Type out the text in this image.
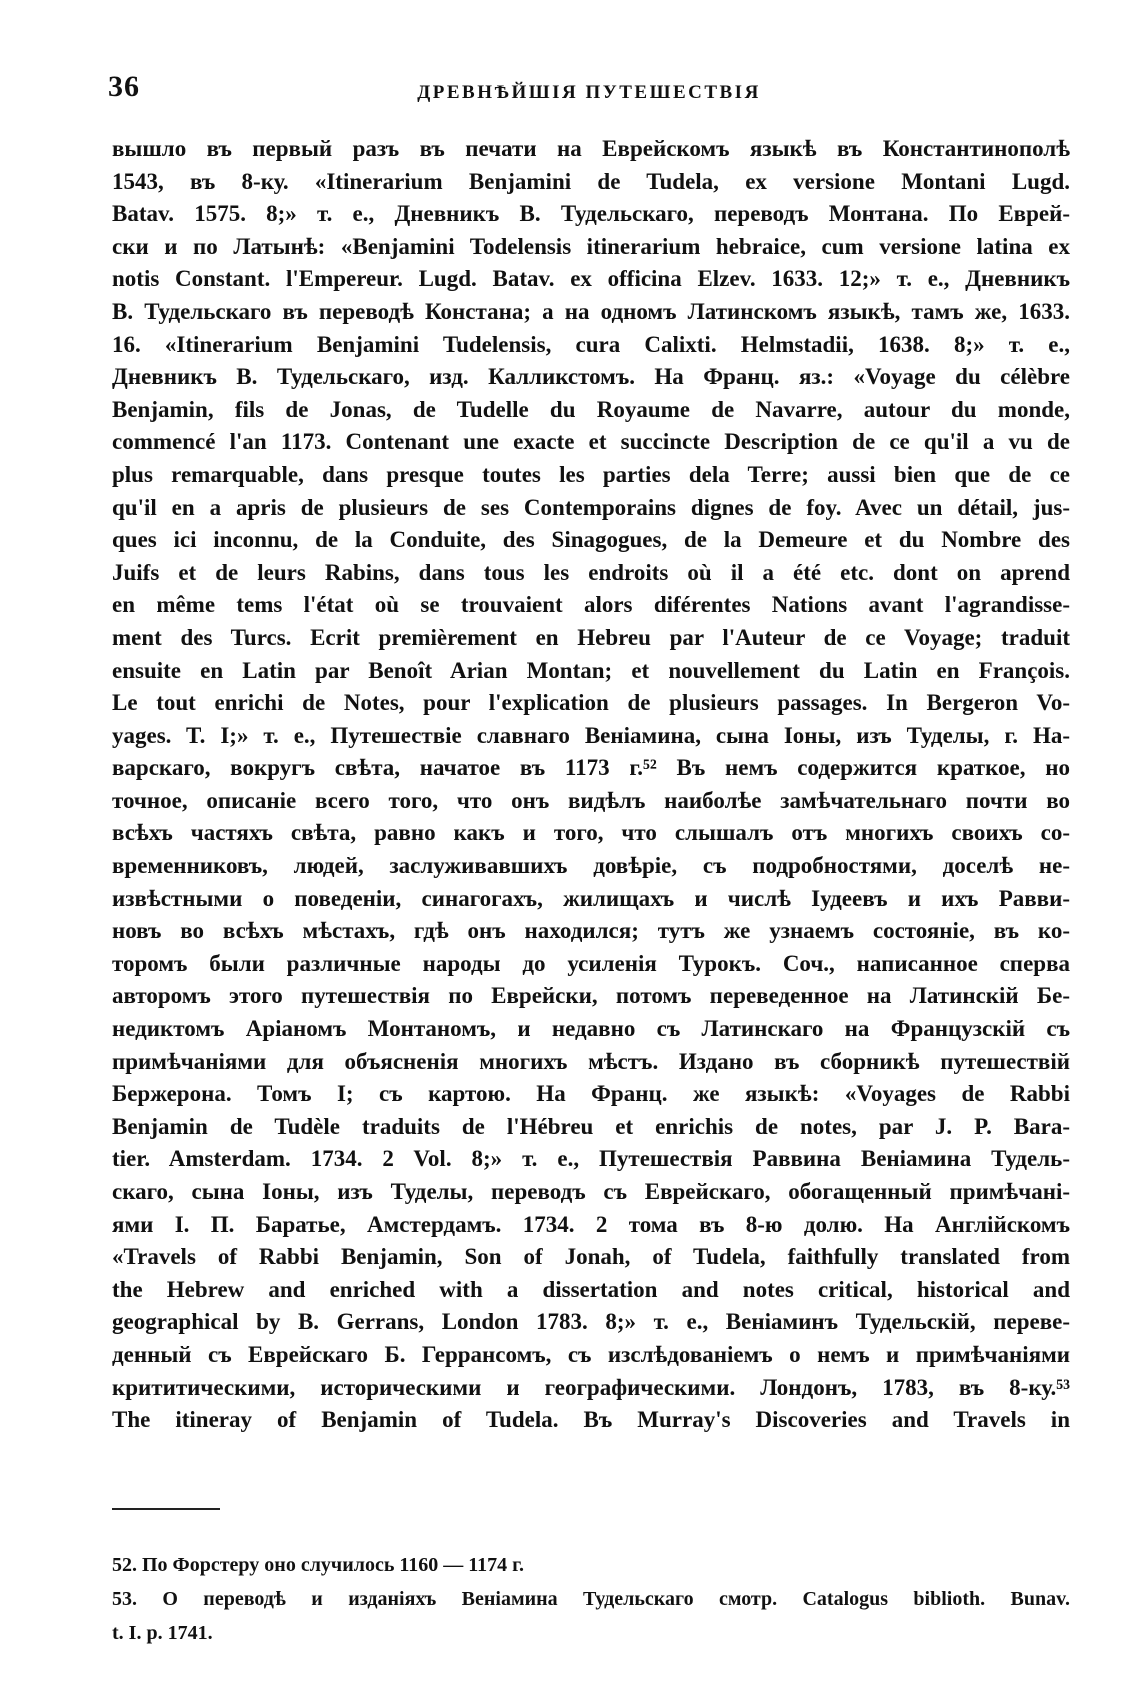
36	ДРЕВНѢЙШІЯ ПУТЕШЕСТВІЯ
вышло въ первый разъ въ печати на Еврейскомъ языкѣ въ Константинополѣ
1543, въ 8-ку. «Itinerarium Benjamini de Tudela, ex versione Montani Lugd.
Batav. 1575. 8;» т. е., Дневникъ В. Тудельскаго, переводъ Монтана. По Еврей-
ски и по Латынѣ: «Benjamini Todelensis itinerarium hebraice, cum versione latina ex
notis Constant. l'Empereur. Lugd. Batav. ex officina Elzev. 1633. 12;» т. е., Дневникъ
В. Тудельскаго въ переводѣ Констана; а на одномъ Латинскомъ языкѣ, тамъ же, 1633.
16. «Itinerarium Benjamini Tudelensis, cura Calixti. Helmstadii, 1638. 8;» т. е.,
Дневникъ В. Тудельскаго, изд. Калликстомъ. На Франц. яз.: «Voyage du célèbre
Benjamin, fils de Jonas, de Tudelle du Royaume de Navarre, autour du monde,
commencé l'an 1173. Contenant une exacte et succincte Description de ce qu'il a vu de
plus remarquable, dans presque toutes les parties dela Terre; aussi bien que de ce
qu'il en a apris de plusieurs de ses Contemporains dignes de foy. Avec un détail, jus-
ques ici inconnu, de la Conduite, des Sinagogues, de la Demeure et du Nombre des
Juifs et de leurs Rabins, dans tous les endroits où il a été etc. dont on aprend
en même tems l'état où se trouvaient alors diférentes Nations avant l'agrandisse-
ment des Turcs. Ecrit premièrement en Hebreu par l'Auteur de ce Voyage; traduit
ensuite en Latin par Benoît Arian Montan; et nouvellement du Latin en François.
Le tout enrichi de Notes, pour l'explication de plusieurs passages. In Bergeron Vo-
yages. T. I;» т. е., Путешествіе славнаго Веніамина, сына Іоны, изъ Туделы, г. На-
варскаго, вокругъ свѣта, начатое въ 1173 г.⁵² Въ немъ содержится краткое, но
точное, описаніе всего того, что онъ видѣлъ наиболѣе замѣчательнаго почти во
всѣхъ частяхъ свѣта, равно какъ и того, что слышалъ отъ многихъ своихъ со-
временниковъ, людей, заслуживавшихъ довѣріе, съ подробностями, доселѣ не-
извѣстными о поведеніи, синагогахъ, жилищахъ и числѣ Іудеевъ и ихъ Равви-
новъ во всѣхъ мѣстахъ, гдѣ онъ находился; тутъ же узнаемъ состояніе, въ ко-
торомъ были различные народы до усиленія Турокъ. Соч., написанное сперва
авторомъ этого путешествія по Еврейски, потомъ переведенное на Латинскій Бе-
недиктомъ Аріаномъ Монтаномъ, и недавно съ Латинскаго на Французскій съ
примѣчаніями для объясненія многихъ мѣстъ. Издано въ сборникѣ путешествій
Бержерона. Томъ I; съ картою. На Франц. же языкѣ: «Voyages de Rabbi
Benjamin de Tudèle traduits de l'Hébreu et enrichis de notes, par J. P. Bara-
tier. Amsterdam. 1734. 2 Vol. 8;» т. е., Путешествія Раввина Веніамина Тудель-
скаго, сына Іоны, изъ Туделы, переводъ съ Еврейскаго, обогащенный примѣчані-
ями І. П. Баратье, Амстердамъ. 1734. 2 тома въ 8-ю долю. На Англійскомъ
«Travels of Rabbi Benjamin, Son of Jonah, of Tudela, faithfully translated from
the Hebrew and enriched with a dissertation and notes critical, historical and
geographical by B. Gerrans, London 1783. 8;» т. е., Веніаминъ Тудельскій, переве-
денный съ Еврейскаго Б. Геррансомъ, съ изслѣдованіемъ о немъ и примѣчаніями
крититическими, историческими и географическими. Лондонъ, 1783, въ 8-ку.⁵³
The itineray of Benjamin of Tudela. Въ Murray's Discoveries and Travels in
52. По Форстеру оно случилось 1160 — 1174 г.
53. О переводѣ и изданіяхъ Веніамина Тудельскаго смотр. Catalogus biblioth. Bunav.
t. I. p. 1741.
